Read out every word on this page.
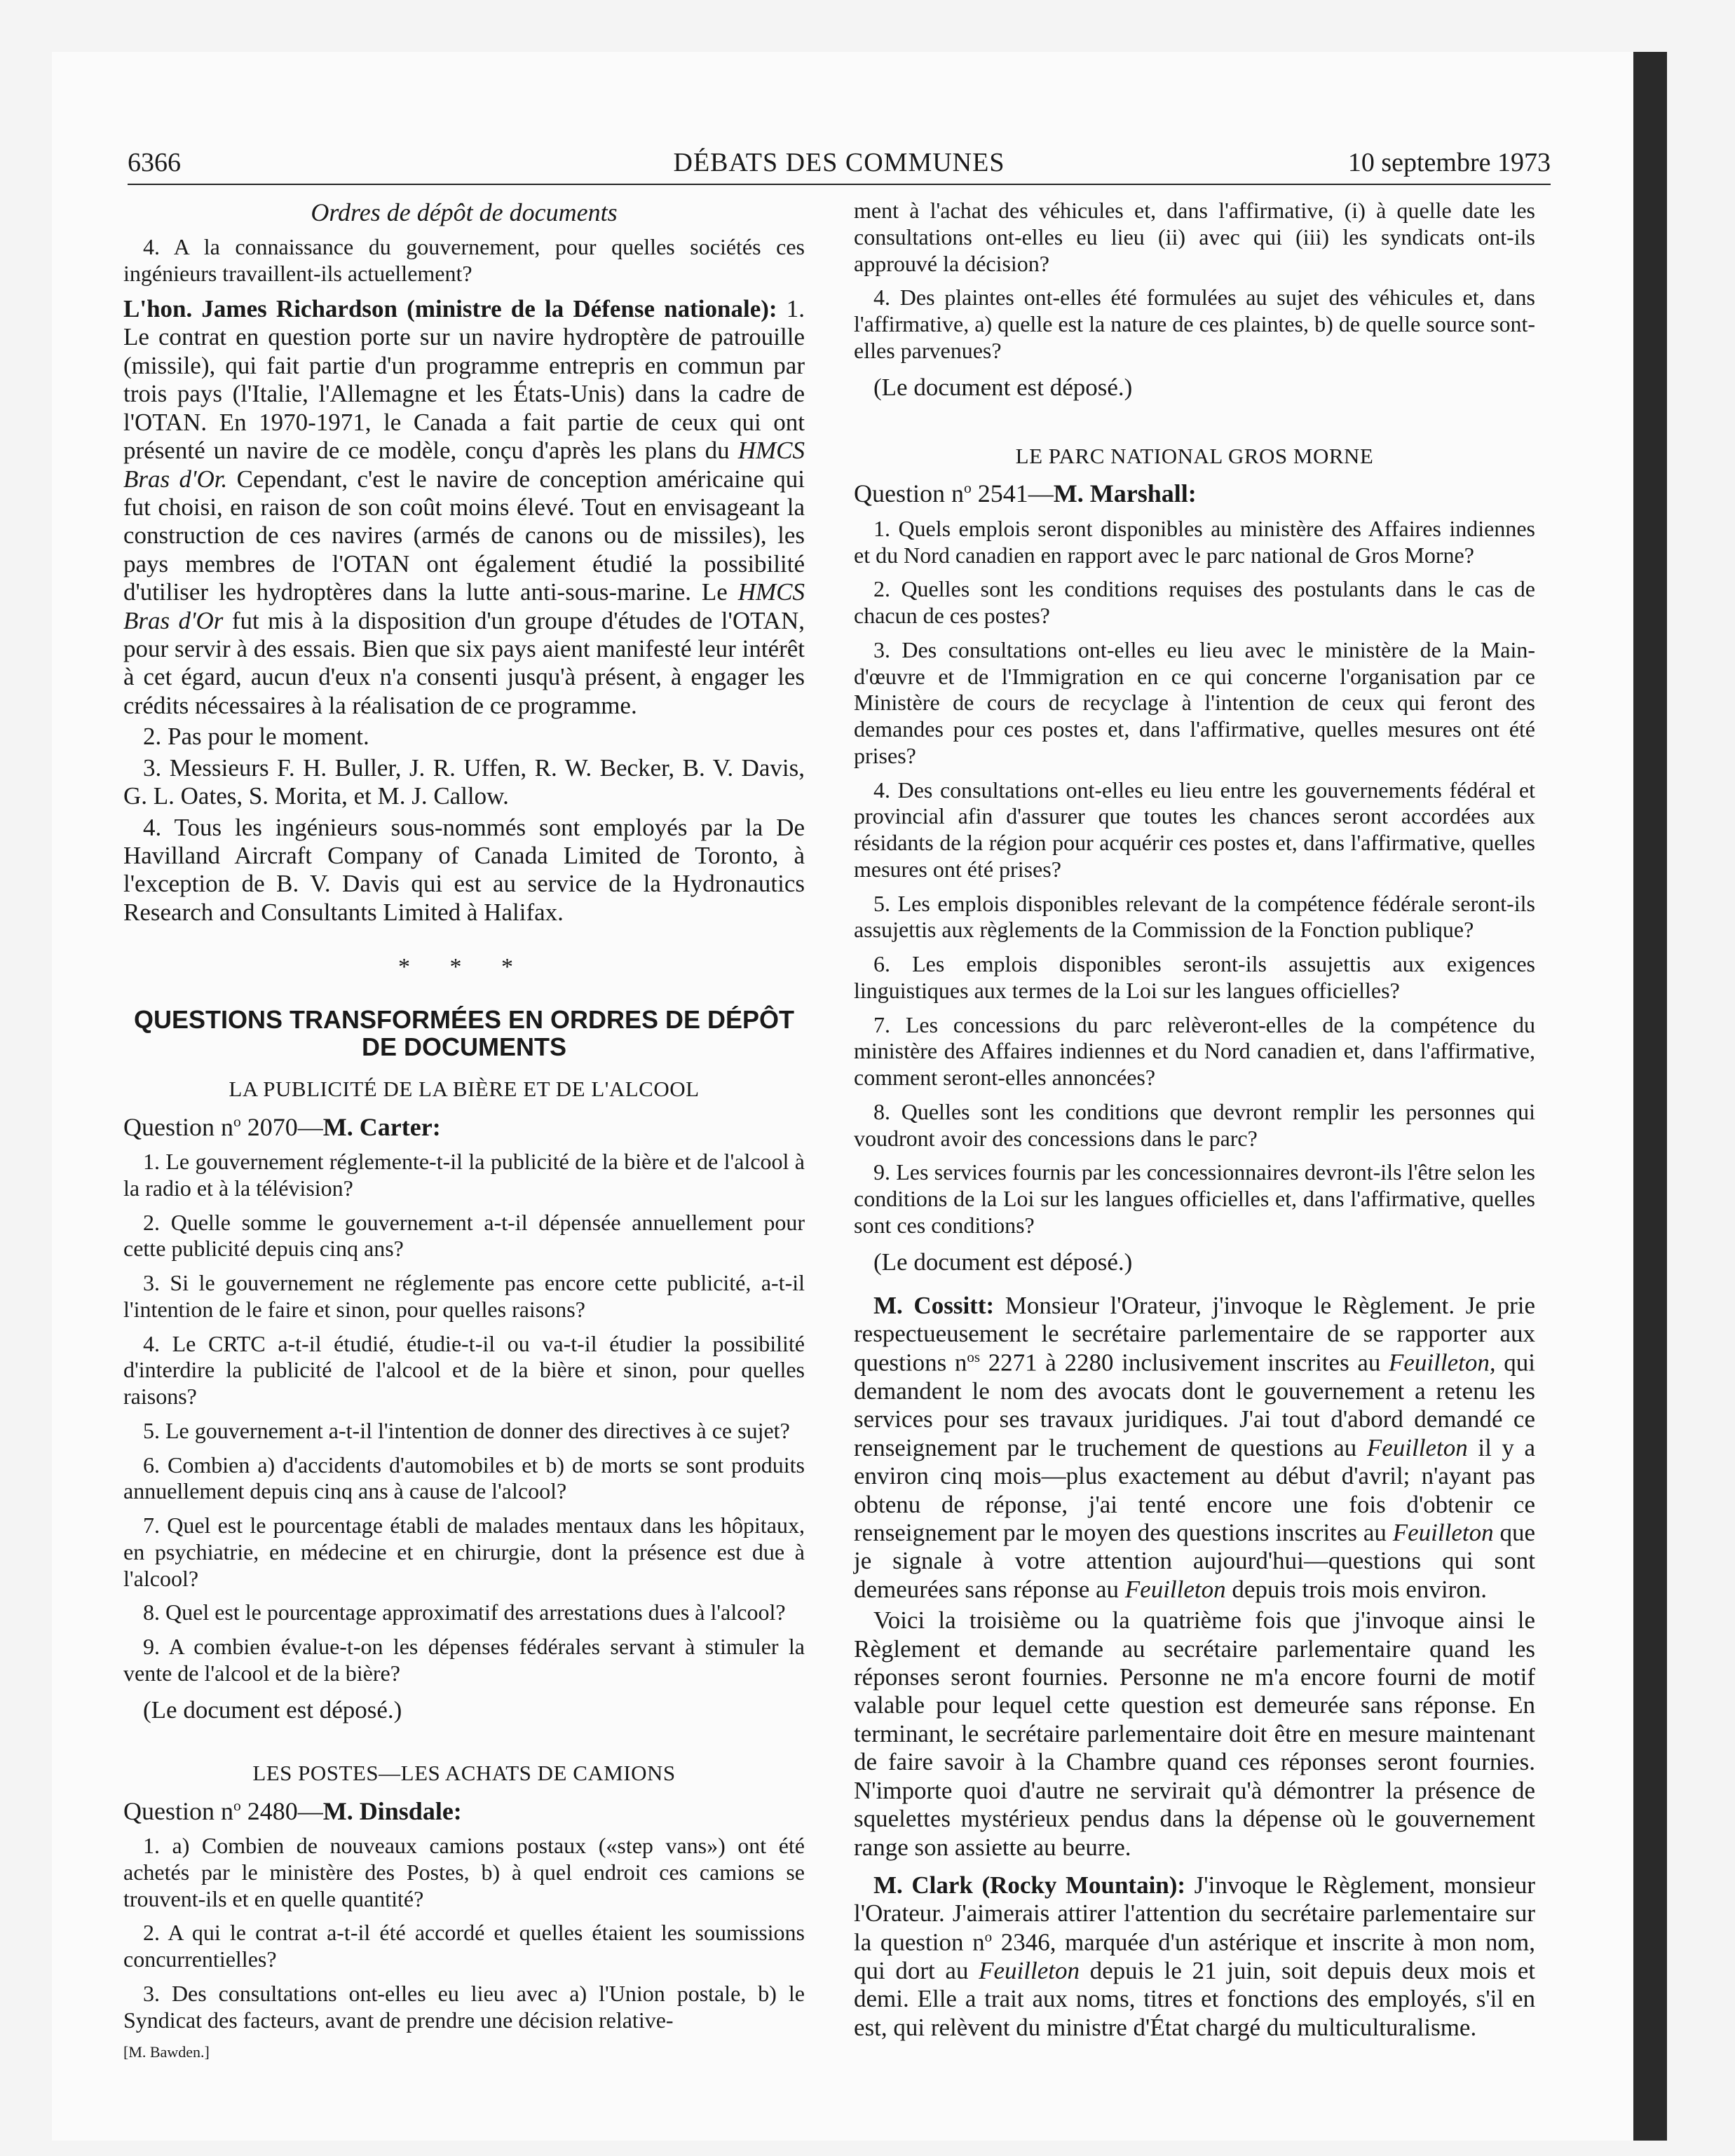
6366	DÉBATS DES COMMUNES	10 septembre 1973
Ordres de dépôt de documents

4. A la connaissance du gouvernement, pour quelles sociétés ces ingénieurs travaillent-ils actuellement?

L'hon. James Richardson (ministre de la Défense nationale): 1. Le contrat en question porte sur un navire hydroptère de patrouille (missile), qui fait partie d'un programme entrepris en commun par trois pays (l'Italie, l'Allemagne et les États-Unis) dans la cadre de l'OTAN. En 1970-1971, le Canada a fait partie de ceux qui ont présenté un navire de ce modèle, conçu d'après les plans du HMCS Bras d'Or. Cependant, c'est le navire de conception américaine qui fut choisi, en raison de son coût moins élevé. Tout en envisageant la construction de ces navires (armés de canons ou de missiles), les pays membres de l'OTAN ont également étudié la possibilité d'utiliser les hydroptères dans la lutte anti-sous-marine. Le HMCS Bras d'Or fut mis à la disposition d'un groupe d'études de l'OTAN, pour servir à des essais. Bien que six pays aient manifesté leur intérêt à cet égard, aucun d'eux n'a consenti jusqu'à présent, à engager les crédits nécessaires à la réalisation de ce programme.

2. Pas pour le moment.

3. Messieurs F. H. Buller, J. R. Uffen, R. W. Becker, B. V. Davis, G. L. Oates, S. Morita, et M. J. Callow.

4. Tous les ingénieurs sous-nommés sont employés par la De Havilland Aircraft Company of Canada Limited de Toronto, à l'exception de B. V. Davis qui est au service de la Hydronautics Research and Consultants Limited à Halifax.

* * *
QUESTIONS TRANSFORMÉES EN ORDRES DE DÉPÔT DE DOCUMENTS
LA PUBLICITÉ DE LA BIÈRE ET DE L'ALCOOL
Question $n^o$ 2070—M. Carter:

1. Le gouvernement réglemente-t-il la publicité de la bière et de l'alcool à la radio et à la télévision?

2. Quelle somme le gouvernement a-t-il dépensée annuellement pour cette publicité depuis cinq ans?

3. Si le gouvernement ne réglemente pas encore cette publicité, a-t-il l'intention de le faire et sinon, pour quelles raisons?

4. Le CRTC a-t-il étudié, étudie-t-il ou va-t-il étudier la possibilité d'interdire la publicité de l'alcool et de la bière et sinon, pour quelles raisons?

5. Le gouvernement a-t-il l'intention de donner des directives à ce sujet?

6. Combien a) d'accidents d'automobiles et b) de morts se sont produits annuellement depuis cinq ans à cause de l'alcool?

7. Quel est le pourcentage établi de malades mentaux dans les hôpitaux, en psychiatrie, en médecine et en chirurgie, dont la présence est due à l'alcool?

8. Quel est le pourcentage approximatif des arrestations dues à l'alcool?

9. A combien évalue-t-on les dépenses fédérales servant à stimuler la vente de l'alcool et de la bière?

(Le document est déposé.)
LES POSTES—LES ACHATS DE CAMIONS
Question $n^o$ 2480—M. Dinsdale:

1. a) Combien de nouveaux camions postaux («step vans») ont été achetés par le ministère des Postes, b) à quel endroit ces camions se trouvent-ils et en quelle quantité?

2. A qui le contrat a-t-il été accordé et quelles étaient les soumissions concurrentielles?

3. Des consultations ont-elles eu lieu avec a) l'Union postale, b) le Syndicat des facteurs, avant de prendre une décision relative-

[M. Bawden.]

ment à l'achat des véhicules et, dans l'affirmative, (i) à quelle date les consultations ont-elles eu lieu (ii) avec qui (iii) les syndicats ont-ils approuvé la décision?

4. Des plaintes ont-elles été formulées au sujet des véhicules et, dans l'affirmative, a) quelle est la nature de ces plaintes, b) de quelle source sont-elles parvenues?

(Le document est déposé.)
LE PARC NATIONAL GROS MORNE
Question $n^o$ 2541—M. Marshall:

1. Quels emplois seront disponibles au ministère des Affaires indiennes et du Nord canadien en rapport avec le parc national de Gros Morne?

2. Quelles sont les conditions requises des postulants dans le cas de chacun de ces postes?

3. Des consultations ont-elles eu lieu avec le ministère de la Main-d'œuvre et de l'Immigration en ce qui concerne l'organisation par ce Ministère de cours de recyclage à l'intention de ceux qui feront des demandes pour ces postes et, dans l'affirmative, quelles mesures ont été prises?

4. Des consultations ont-elles eu lieu entre les gouvernements fédéral et provincial afin d'assurer que toutes les chances seront accordées aux résidants de la région pour acquérir ces postes et, dans l'affirmative, quelles mesures ont été prises?

5. Les emplois disponibles relevant de la compétence fédérale seront-ils assujettis aux règlements de la Commission de la Fonction publique?

6. Les emplois disponibles seront-ils assujettis aux exigences linguistiques aux termes de la Loi sur les langues officielles?

7. Les concessions du parc relèveront-elles de la compétence du ministère des Affaires indiennes et du Nord canadien et, dans l'affirmative, comment seront-elles annoncées?

8. Quelles sont les conditions que devront remplir les personnes qui voudront avoir des concessions dans le parc?

9. Les services fournis par les concessionnaires devront-ils l'être selon les conditions de la Loi sur les langues officielles et, dans l'affirmative, quelles sont ces conditions?

(Le document est déposé.)

M. Cossitt: Monsieur l'Orateur, j'invoque le Règlement. Je prie respectueusement le secrétaire parlementaire de se rapporter aux questions $n^{os}$ 2271 à 2280 inclusivement inscrites au Feuilleton, qui demandent le nom des avocats dont le gouvernement a retenu les services pour ses travaux juridiques. J'ai tout d'abord demandé ce renseignement par le truchement de questions au Feuilleton il y a environ cinq mois—plus exactement au début d'avril; n'ayant pas obtenu de réponse, j'ai tenté encore une fois d'obtenir ce renseignement par le moyen des questions inscrites au Feuilleton que je signale à votre attention aujourd'hui—questions qui sont demeurées sans réponse au Feuilleton depuis trois mois environ.

Voici la troisième ou la quatrième fois que j'invoque ainsi le Règlement et demande au secrétaire parlementaire quand les réponses seront fournies. Personne ne m'a encore fourni de motif valable pour lequel cette question est demeurée sans réponse. En terminant, le secrétaire parlementaire doit être en mesure maintenant de faire savoir à la Chambre quand ces réponses seront fournies. N'importe quoi d'autre ne servirait qu'à démontrer la présence de squelettes mystérieux pendus dans la dépense où le gouvernement range son assiette au beurre.

M. Clark (Rocky Mountain): J'invoque le Règlement, monsieur l'Orateur. J'aimerais attirer l'attention du secrétaire parlementaire sur la question $n^o$ 2346, marquée d'un astérique et inscrite à mon nom, qui dort au Feuilleton depuis le 21 juin, soit depuis deux mois et demi. Elle a trait aux noms, titres et fonctions des employés, s'il en est, qui relèvent du ministre d'État chargé du multiculturalisme.
